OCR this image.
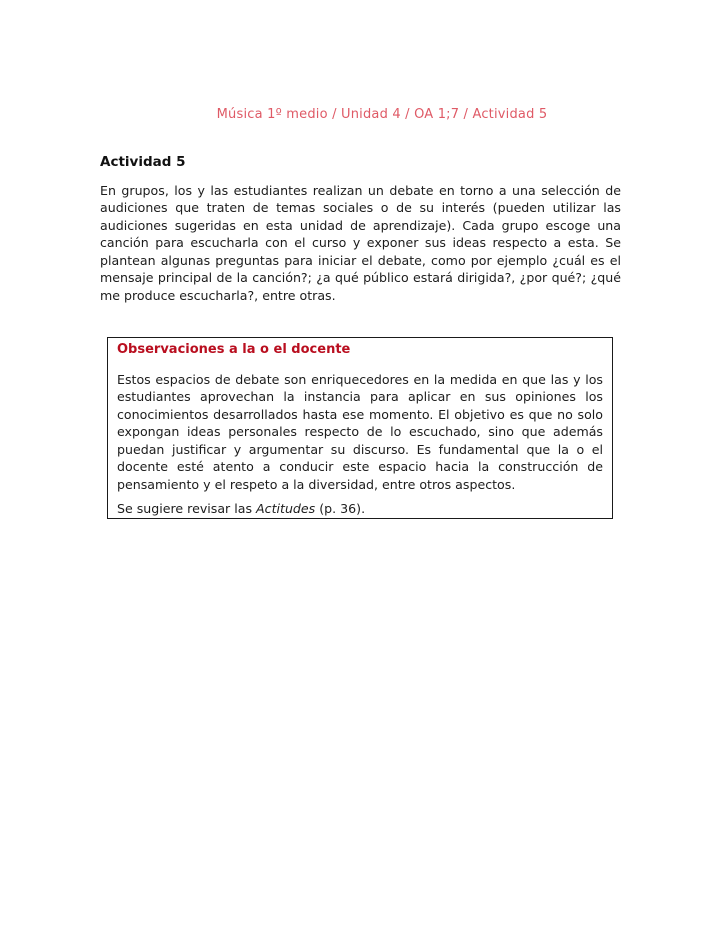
Música 1º medio / Unidad 4 / OA 1;7 / Actividad 5
Actividad 5

En grupos, los y las estudiantes realizan un debate en torno a una selección de audiciones que traten de temas sociales o de su interés (pueden utilizar las audiciones sugeridas en esta unidad de aprendizaje). Cada grupo escoge una canción para escucharla con el curso y exponer sus ideas respecto a esta. Se plantean algunas preguntas para iniciar el debate, como por ejemplo ¿cuál es el mensaje principal de la canción?; ¿a qué público estará dirigida?, ¿por qué?; ¿qué me produce escucharla?, entre otras.

Observaciones a la o el docente

Estos espacios de debate son enriquecedores en la medida en que las y los estudiantes aprovechan la instancia para aplicar en sus opiniones los conocimientos desarrollados hasta ese momento. El objetivo es que no solo expongan ideas personales respecto de lo escuchado, sino que además puedan justificar y argumentar su discurso. Es fundamental que la o el docente esté atento a conducir este espacio hacia la construcción de pensamiento y el respeto a la diversidad, entre otros aspectos.

Se sugiere revisar las Actitudes (p. 36).
